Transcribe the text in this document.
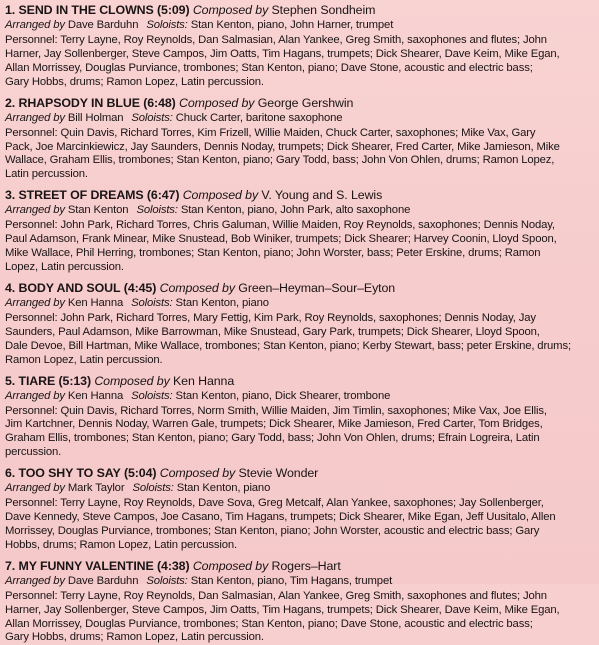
1. SEND IN THE CLOWNS (5:09) Composed by Stephen Sondheim
Arranged by Dave Barduhn Soloists: Stan Kenton, piano, John Harner, trumpet
Personnel: Terry Layne, Roy Reynolds, Dan Salmasian, Alan Yankee, Greg Smith, saxophones and flutes; John
Harner, Jay Sollenberger, Steve Campos, Jim Oatts, Tim Hagans, trumpets; Dick Shearer, Dave Keim, Mike Egan,
Allan Morrissey, Douglas Purviance, trombones; Stan Kenton, piano; Dave Stone, acoustic and electric bass;
Gary Hobbs, drums; Ramon Lopez, Latin percussion.
2. RHAPSODY IN BLUE (6:48) Composed by George Gershwin
Arranged by Bill Holman Soloists: Chuck Carter, baritone saxophone
Personnel: Quin Davis, Richard Torres, Kim Frizell, Willie Maiden, Chuck Carter, saxophones; Mike Vax, Gary
Pack, Joe Marcinkiewicz, Jay Saunders, Dennis Noday, trumpets; Dick Shearer, Fred Carter, Mike Jamieson, Mike
Wallace, Graham Ellis, trombones; Stan Kenton, piano; Gary Todd, bass; John Von Ohlen, drums; Ramon Lopez,
Latin percussion.
3. STREET OF DREAMS (6:47) Composed by V. Young and S. Lewis
Arranged by Stan Kenton Soloists: Stan Kenton, piano, John Park, alto saxophone
Personnel: John Park, Richard Torres, Chris Galuman, Willie Maiden, Roy Reynolds, saxophones; Dennis Noday,
Paul Adamson, Frank Minear, Mike Snustead, Bob Winiker, trumpets; Dick Shearer; Harvey Coonin, Lloyd Spoon,
Mike Wallace, Phil Herring, trombones; Stan Kenton, piano; John Worster, bass; Peter Erskine, drums; Ramon
Lopez, Latin percussion.
4. BODY AND SOUL (4:45) Composed by Green–Heyman–Sour–Eyton
Arranged by Ken Hanna Soloists: Stan Kenton, piano
Personnel: John Park, Richard Torres, Mary Fettig, Kim Park, Roy Reynolds, saxophones; Dennis Noday, Jay
Saunders, Paul Adamson, Mike Barrowman, Mike Snustead, Gary Park, trumpets; Dick Shearer, Lloyd Spoon,
Dale Devoe, Bill Hartman, Mike Wallace, trombones; Stan Kenton, piano; Kerby Stewart, bass; peter Erskine, drums;
Ramon Lopez, Latin percussion.
5. TIARE (5:13) Composed by Ken Hanna
Arranged by Ken Hanna Soloists: Stan Kenton, piano, Dick Shearer, trombone
Personnel: Quin Davis, Richard Torres, Norm Smith, Willie Maiden, Jim Timlin, saxophones; Mike Vax, Joe Ellis,
Jim Kartchner, Dennis Noday, Warren Gale, trumpets; Dick Shearer, Mike Jamieson, Fred Carter, Tom Bridges,
Graham Ellis, trombones; Stan Kenton, piano; Gary Todd, bass; John Von Ohlen, drums; Efrain Logreira, Latin
percussion.
6. TOO SHY TO SAY (5:04) Composed by Stevie Wonder
Arranged by Mark Taylor Soloists: Stan Kenton, piano
Personnel: Terry Layne, Roy Reynolds, Dave Sova, Greg Metcalf, Alan Yankee, saxophones; Jay Sollenberger,
Dave Kennedy, Steve Campos, Joe Casano, Tim Hagans, trumpets; Dick Shearer, Mike Egan, Jeff Uusitalo, Allen
Morrissey, Douglas Purviance, trombones; Stan Kenton, piano; John Worster, acoustic and electric bass; Gary
Hobbs, drums; Ramon Lopez, Latin percussion.
7. MY FUNNY VALENTINE (4:38) Composed by Rogers–Hart
Arranged by Dave Barduhn Soloists: Stan Kenton, piano, Tim Hagans, trumpet
Personnel: Terry Layne, Roy Reynolds, Dan Salmasian, Alan Yankee, Greg Smith, saxophones and flutes; John
Harner, Jay Sollenberger, Steve Campos, Jim Oatts, Tim Hagans, trumpets; Dick Shearer, Dave Keim, Mike Egan,
Allan Morrissey, Douglas Purviance, trombones; Stan Kenton, piano; Dave Stone, acoustic and electric bass;
Gary Hobbs, drums; Ramon Lopez, Latin percussion.
